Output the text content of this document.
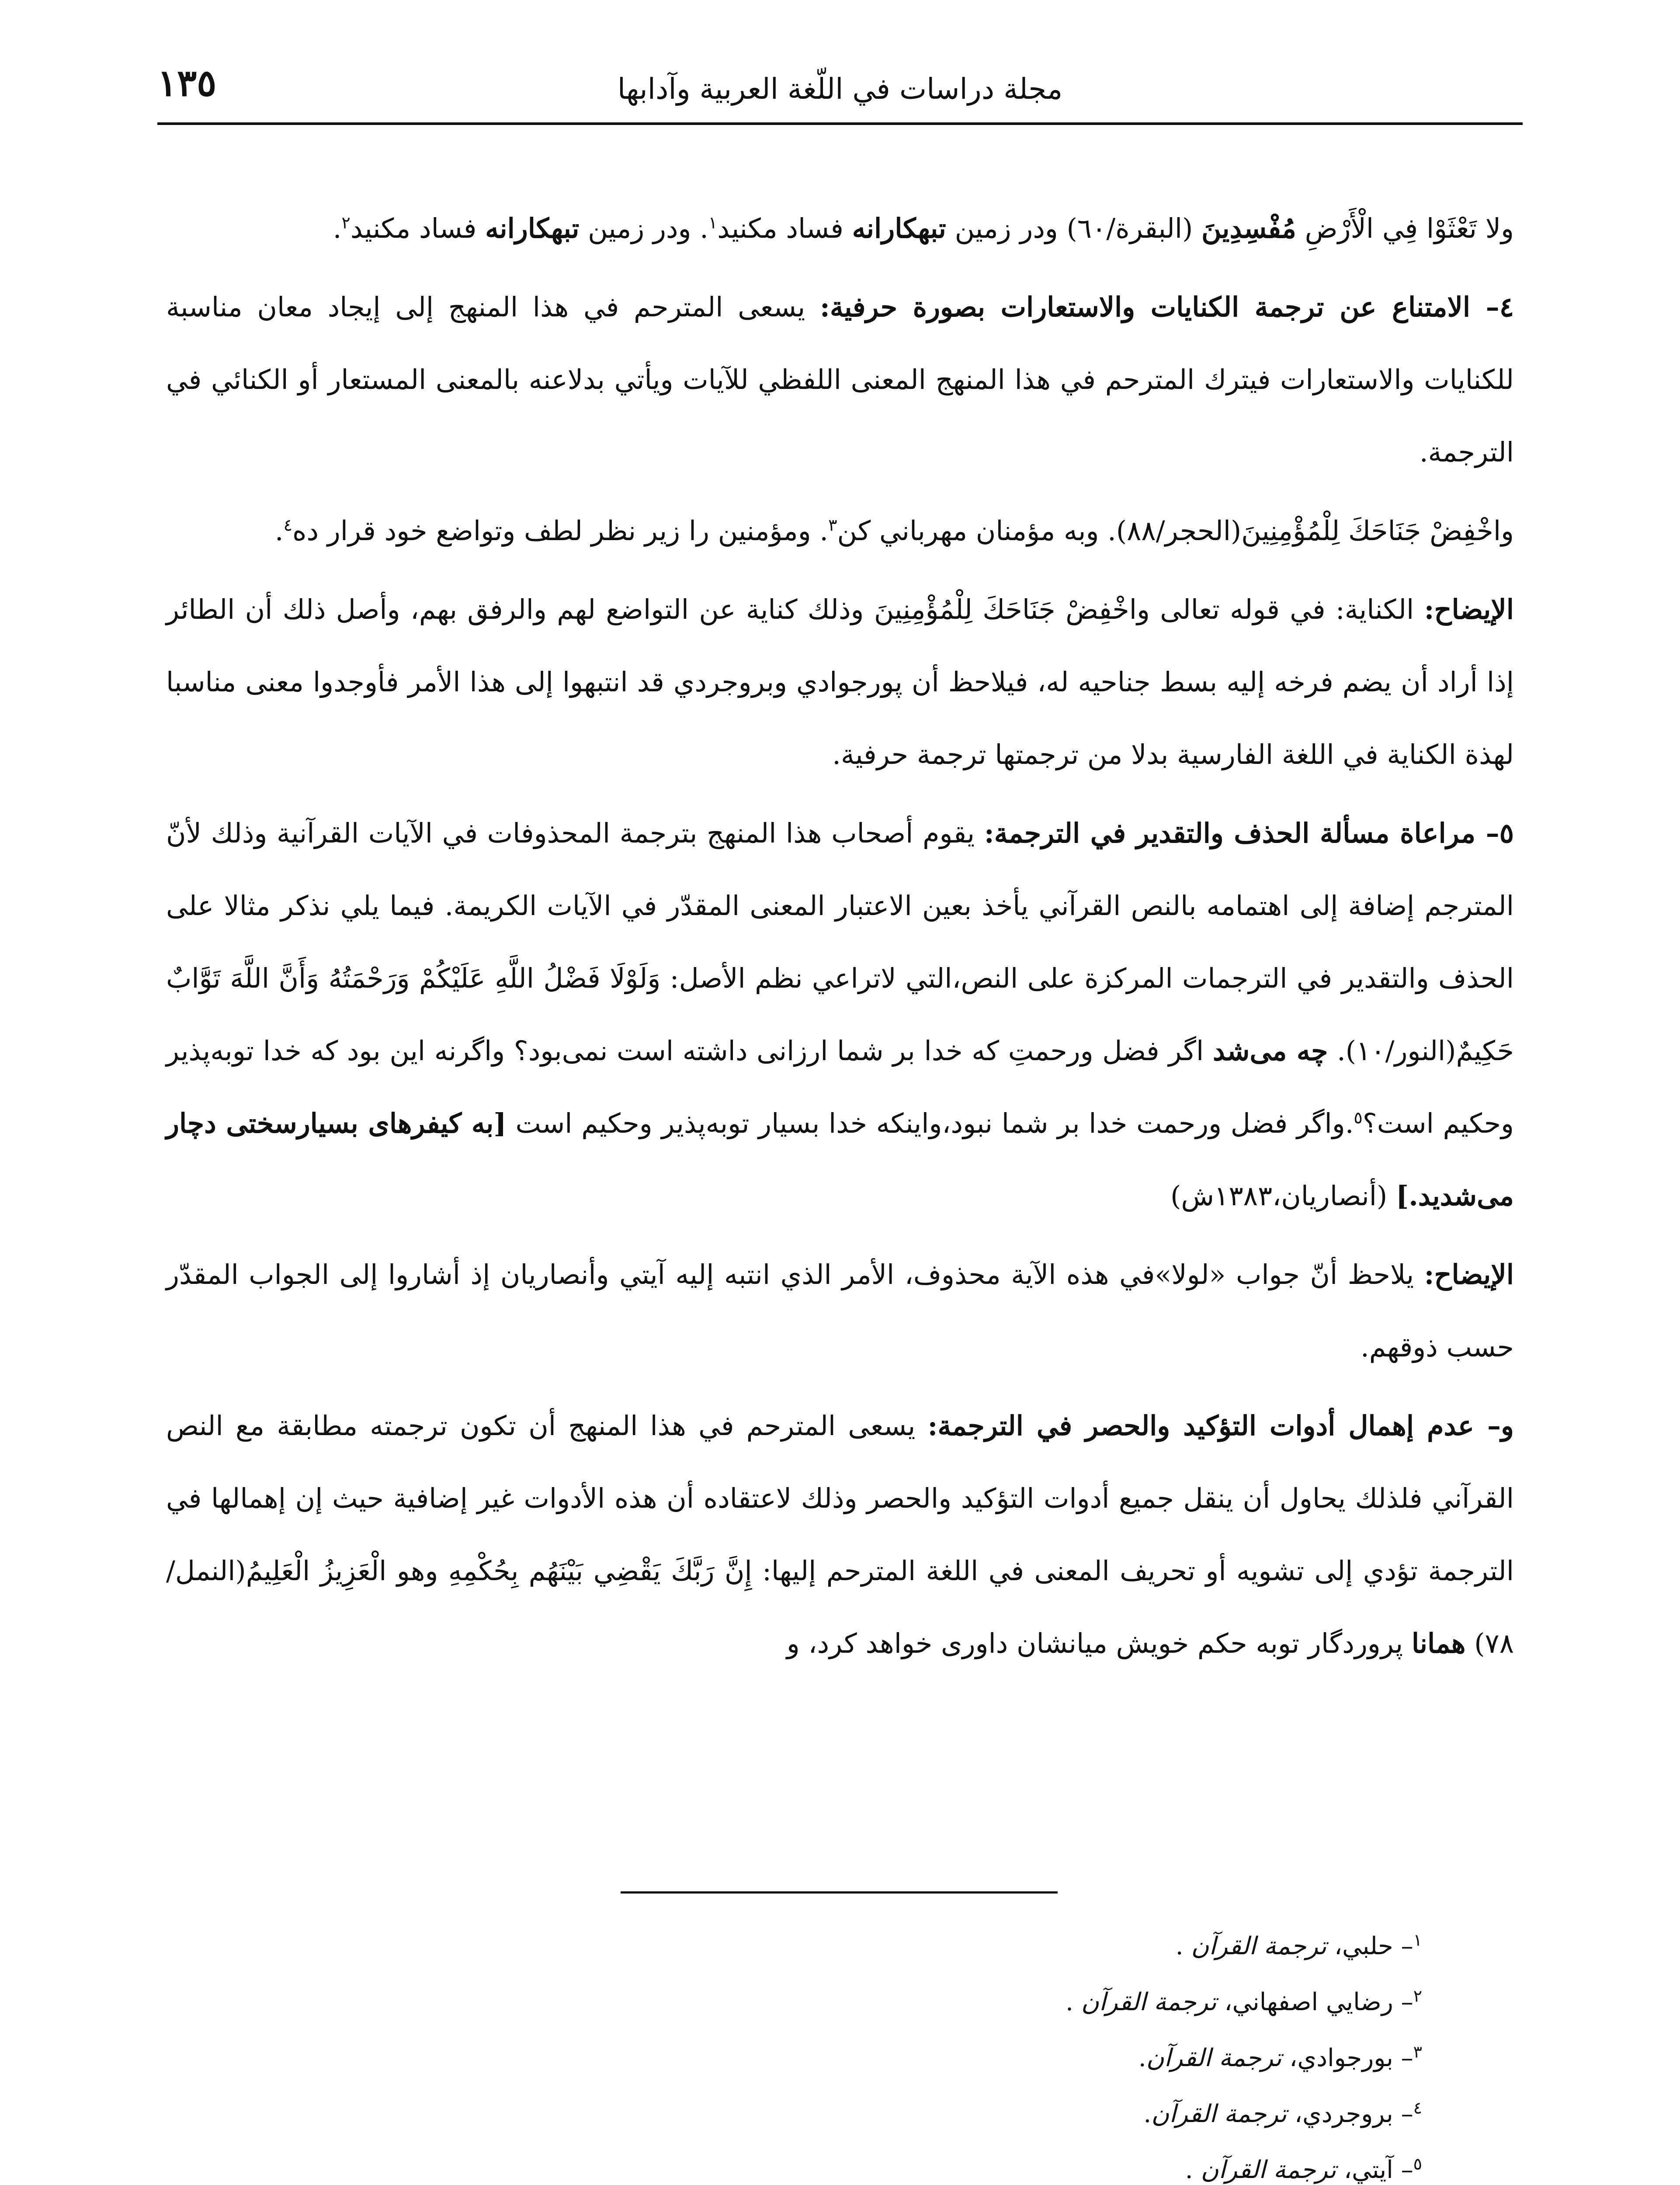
١٣٥	مجلة دراسات في اللّغة العربية وآدابها

ولا تَعْثَوْا فِي الْأَرْضِ مُفْسِدِينَ (البقرة/٦٠) ودر زمين تبهكارانه فساد مكنيد$^١$. ودر زمين تبهكارانه فساد مكنيد$^٢$.

٤– الامتناع عن ترجمة الكنايات والاستعارات بصورة حرفية: يسعى المترحم في هذا المنهج إلى إيجاد معان مناسبة للكنايات والاستعارات فيترك المترحم في هذا المنهج المعنى اللفظي للآيات ويأتي بدلاعنه بالمعنى المستعار أو الكنائي في الترجمة.

واخْفِضْ جَنَاحَكَ لِلْمُؤْمِنِينَ(الحجر/٨٨). وبه مؤمنان مهرباني كن$^٣$. ومؤمنين را زير نظر لطف وتواضع خود قرار ده$^٤$.

الإيضاح: الكناية: في قوله تعالى واخْفِضْ جَنَاحَكَ لِلْمُؤْمِنِينَ وذلك كناية عن التواضع لهم والرفق بهم، وأصل ذلك أن الطائر إذا أراد أن يضم فرخه إليه بسط جناحيه له، فيلاحظ أن پورجوادي وبروجردي قد انتبهوا إلى هذا الأمر فأوجدوا معنى مناسبا لهذة الكناية في اللغة الفارسية بدلا من ترجمتها ترجمة حرفية.

٥– مراعاة مسألة الحذف والتقدير في الترجمة: يقوم أصحاب هذا المنهج بترجمة المحذوفات في الآيات القرآنية وذلك لأنّ المترجم إضافة إلى اهتمامه بالنص القرآني يأخذ بعين الاعتبار المعنى المقدّر في الآيات الكريمة. فيما يلي نذكر مثالا على الحذف والتقدير في الترجمات المركزة على النص،التي لاتراعي نظم الأصل: وَلَوْلَا فَضْلُ اللَّهِ عَلَيْكُمْ وَرَحْمَتُهُ وَأَنَّ اللَّهَ تَوَّابٌ حَكِيمٌ(النور/١٠). چه می‌شد اگر فضل ورحمتِ كه خدا بر شما ارزانی داشته است نمی‌بود؟ واگرنه اين بود كه خدا توبه‌پذير وحكيم است؟$^٥$.واگر فضل ورحمت خدا بر شما نبود،واينكه خدا بسيار توبه‌پذير وحكيم است [به كيفرهای بسيارسختی دچار می‌شديد.] (أنصاريان،١٣٨٣ش)

الإيضاح: يلاحظ أنّ جواب «لولا»في هذه الآية محذوف، الأمر الذي انتبه إليه آيتي وأنصاريان إذ أشاروا إلى الجواب المقدّر حسب ذوقهم.

و– عدم إهمال أدوات التؤكيد والحصر في الترجمة: يسعى المترحم في هذا المنهج أن تكون ترجمته مطابقة مع النص القرآني فلذلك يحاول أن ينقل جميع أدوات التؤكيد والحصر وذلك لاعتقاده أن هذه الأدوات غير إضافية حيث إن إهمالها في الترجمة تؤدي إلى تشويه أو تحريف المعنى في اللغة المترحم إليها: إِنَّ رَبَّكَ يَقْضِي بَيْنَهُم بِحُكْمِهِ وهو الْعَزِيزُ الْعَلِيمُ(النمل/٧٨) همانا پروردگار توبه حكم خويش ميانشان داوری خواهد كرد، و

$^١$– حلبي، ترجمة القرآن .
$^٢$– رضايي اصفهاني، ترجمة القرآن .
$^٣$– بورجوادي، ترجمة القرآن.
$^٤$– بروجردي، ترجمة القرآن.
$^٥$– آيتي، ترجمة القرآن .
